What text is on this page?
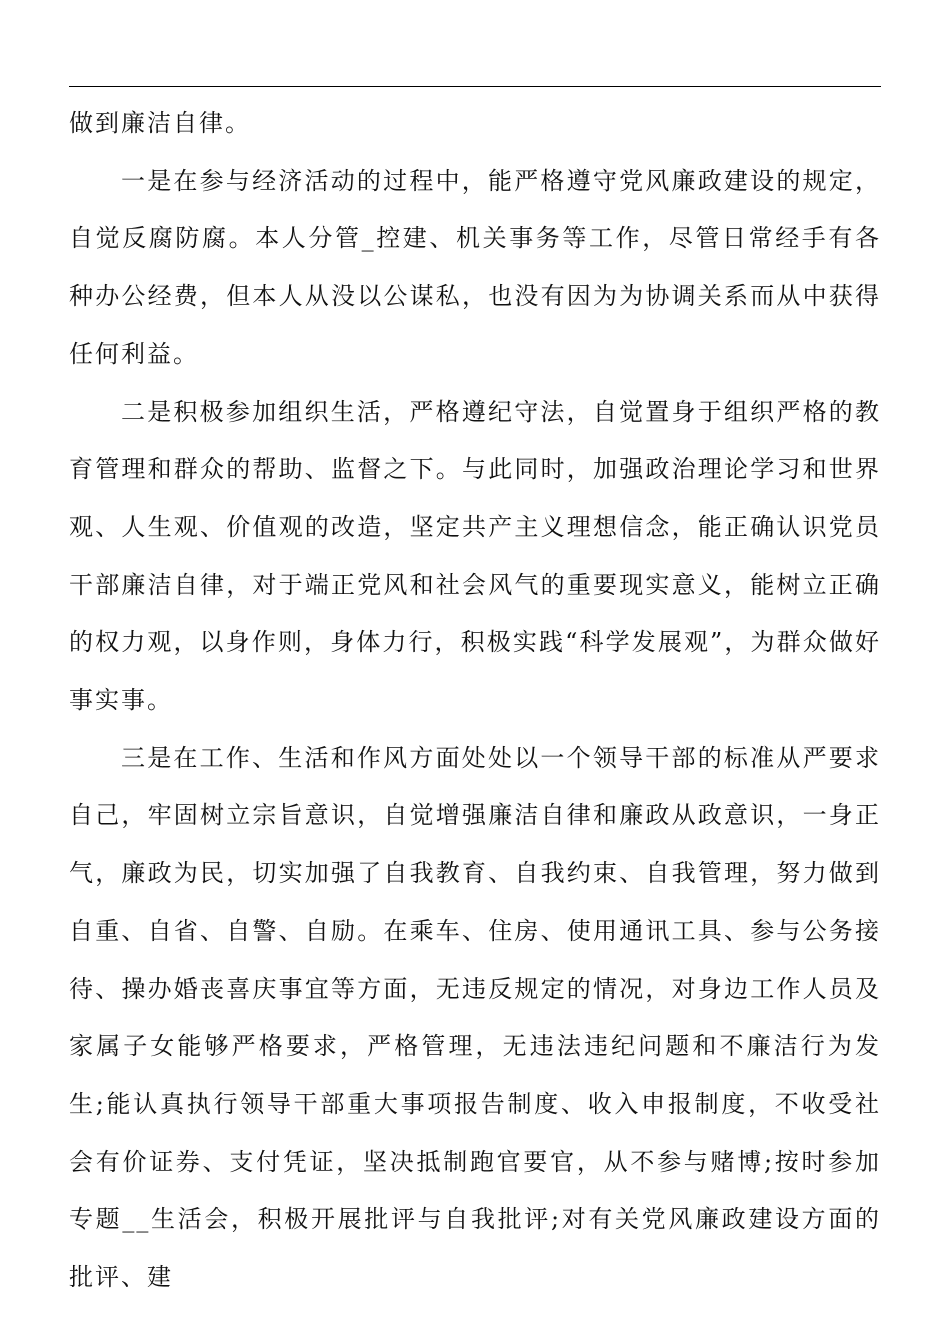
做到廉洁自律。

一是在参与经济活动的过程中，能严格遵守党风廉政建设的规定，自觉反腐防腐。本人分管_控建、机关事务等工作，尽管日常经手有各种办公经费，但本人从没以公谋私，也没有因为为协调关系而从中获得任何利益。

二是积极参加组织生活，严格遵纪守法，自觉置身于组织严格的教育管理和群众的帮助、监督之下。与此同时，加强政治理论学习和世界观、人生观、价值观的改造，坚定共产主义理想信念，能正确认识党员干部廉洁自律，对于端正党风和社会风气的重要现实意义，能树立正确的权力观，以身作则，身体力行，积极实践“科学发展观”，为群众做好事实事。

三是在工作、生活和作风方面处处以一个领导干部的标准从严要求自己，牢固树立宗旨意识，自觉增强廉洁自律和廉政从政意识，一身正气，廉政为民，切实加强了自我教育、自我约束、自我管理，努力做到自重、自省、自警、自励。在乘车、住房、使用通讯工具、参与公务接待、操办婚丧喜庆事宜等方面，无违反规定的情况，对身边工作人员及家属子女能够严格要求，严格管理，无违法违纪问题和不廉洁行为发生;能认真执行领导干部重大事项报告制度、收入申报制度，不收受社会有价证券、支付凭证，坚决抵制跑官要官，从不参与赌博;按时参加专题__生活会，积极开展批评与自我批评;对有关党风廉政建设方面的批评、建
